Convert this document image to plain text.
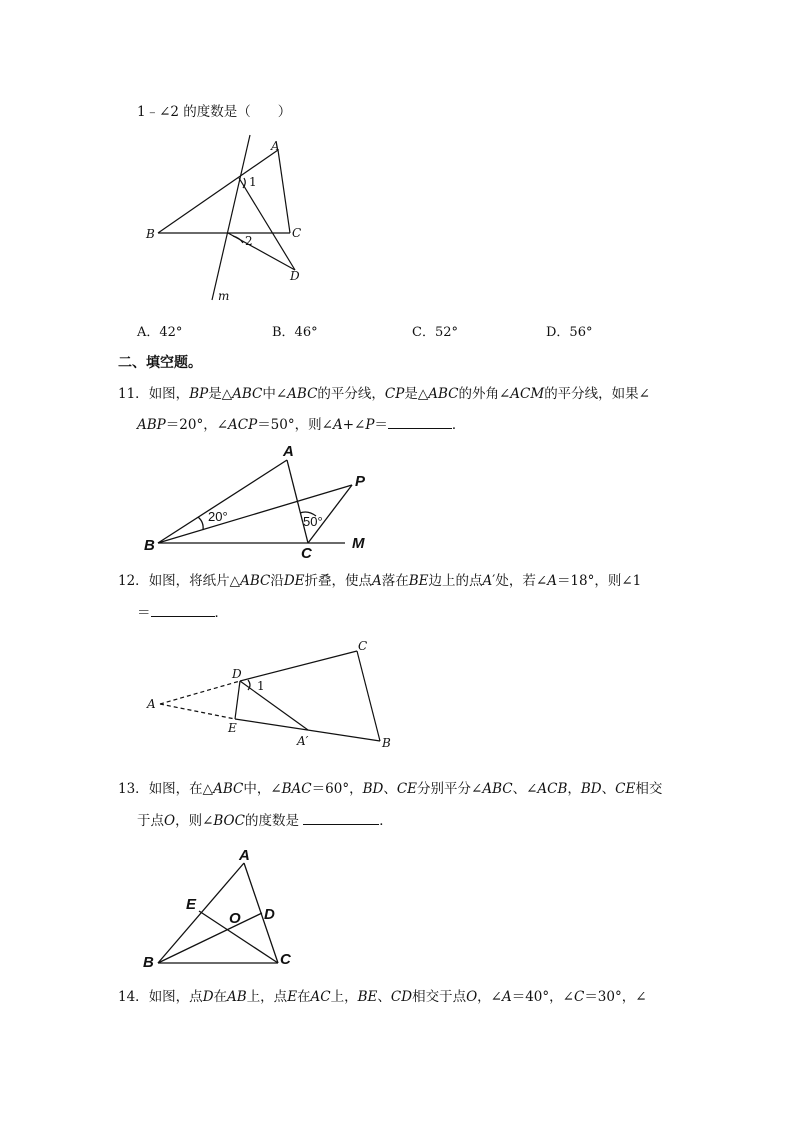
1﹣∠2 的度数是（　　）
A
B	C
D
m
1
2
A．42°	B．46°	C．52°	D．56°
二、填空题。
11．如图，BP是△ABC中∠ABC的平分线，CP是△ABC的外角∠ACM的平分线，如果∠
ABP＝20°，∠ACP＝50°，则∠A+∠P＝	．
A
B	C
P
M
20°	50°
12．如图，将纸片△ABC沿DE折叠，使点A落在BE边上的点A′处，若∠A＝18°，则∠1
＝	．
A
D
E
C
B
A′
1
13．如图，在△ABC中，∠BAC＝60°，BD、CE分别平分∠ABC、∠ACB，BD、CE相交
于点O，则∠BOC的度数是	．
A
B	C
D
E
O
14．如图，点D在AB上，点E在AC上，BE、CD相交于点O，∠A＝40°，∠C＝30°，∠
